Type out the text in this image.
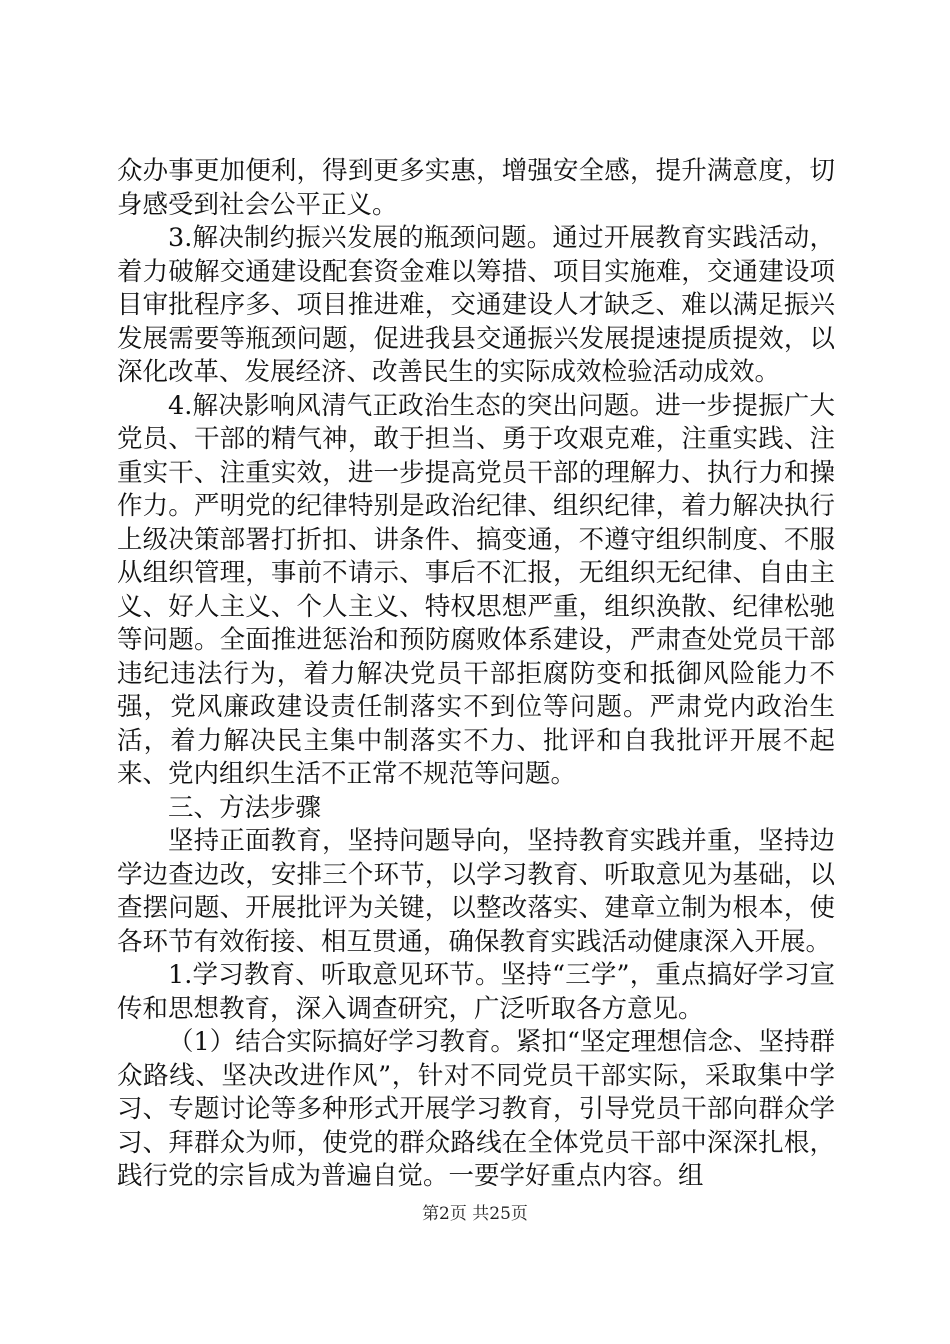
众办事更加便利，得到更多实惠，增强安全感，提升满意度，切身感受到社会公平正义。

3.解决制约振兴发展的瓶颈问题。通过开展教育实践活动，着力破解交通建设配套资金难以筹措、项目实施难，交通建设项目审批程序多、项目推进难，交通建设人才缺乏、难以满足振兴发展需要等瓶颈问题，促进我县交通振兴发展提速提质提效，以深化改革、发展经济、改善民生的实际成效检验活动成效。

4.解决影响风清气正政治生态的突出问题。进一步提振广大党员、干部的精气神，敢于担当、勇于攻艰克难，注重实践、注重实干、注重实效，进一步提高党员干部的理解力、执行力和操作力。严明党的纪律特别是政治纪律、组织纪律，着力解决执行上级决策部署打折扣、讲条件、搞变通，不遵守组织制度、不服从组织管理，事前不请示、事后不汇报，无组织无纪律、自由主义、好人主义、个人主义、特权思想严重，组织涣散、纪律松驰等问题。全面推进惩治和预防腐败体系建设，严肃查处党员干部违纪违法行为，着力解决党员干部拒腐防变和抵御风险能力不强，党风廉政建设责任制落实不到位等问题。严肃党内政治生活，着力解决民主集中制落实不力、批评和自我批评开展不起来、党内组织生活不正常不规范等问题。

三、方法步骤

坚持正面教育，坚持问题导向，坚持教育实践并重，坚持边学边查边改，安排三个环节，以学习教育、听取意见为基础，以查摆问题、开展批评为关键，以整改落实、建章立制为根本，使各环节有效衔接、相互贯通，确保教育实践活动健康深入开展。

1.学习教育、听取意见环节。坚持“三学”，重点搞好学习宣传和思想教育，深入调查研究，广泛听取各方意见。

（1）结合实际搞好学习教育。紧扣“坚定理想信念、坚持群众路线、坚决改进作风”，针对不同党员干部实际，采取集中学习、专题讨论等多种形式开展学习教育，引导党员干部向群众学习、拜群众为师，使党的群众路线在全体党员干部中深深扎根，践行党的宗旨成为普遍自觉。一要学好重点内容。组

第2页 共25页
